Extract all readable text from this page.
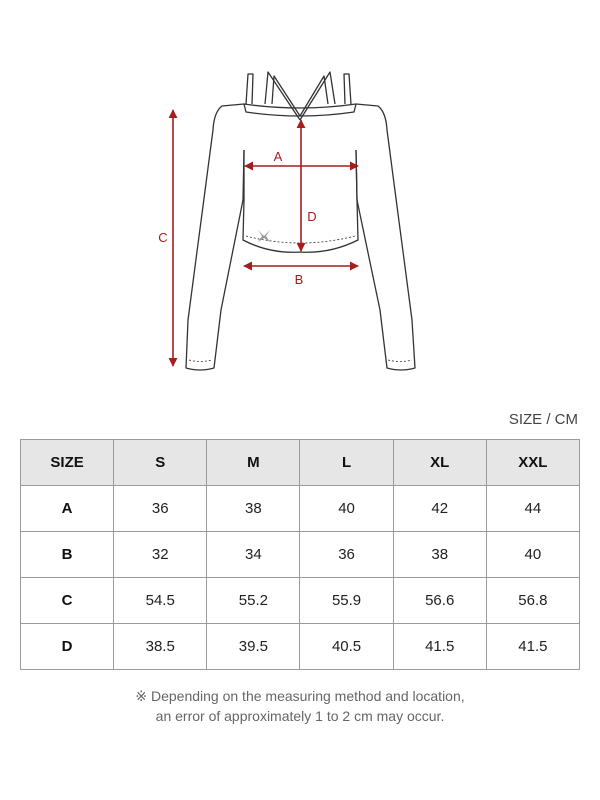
A
B
C
D
SIZE / CM
SIZE	S	M	L	XL	XXL
A	36	38	40	42	44
B	32	34	36	38	40
C	54.5	55.2	55.9	56.6	56.8
D	38.5	39.5	40.5	41.5	41.5
※ Depending on the measuring method and location,
an error of approximately 1 to 2 cm may occur.
